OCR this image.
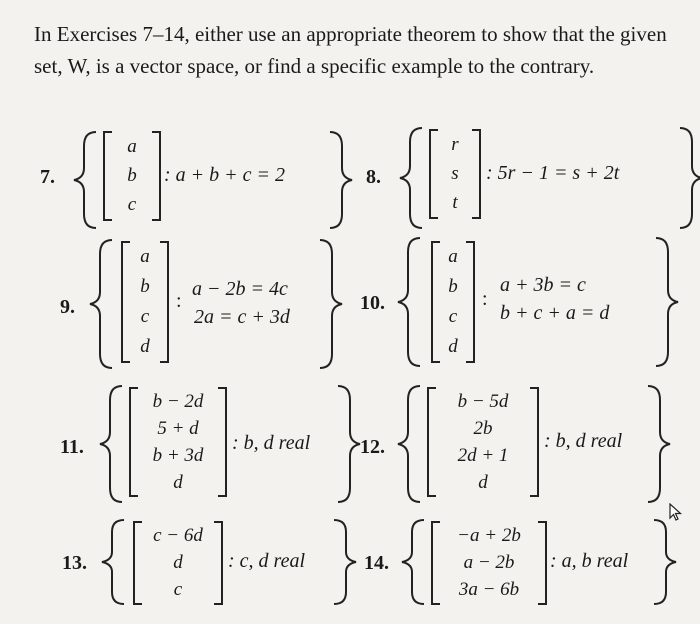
In Exercises 7–14, either use an appropriate theorem to show that the given set, W, is a vector space, or find a specific example to the contrary.
7.
a
b
c
: a + b + c = 2	8.
r
s
t
: 5r − 1 = s + 2t
9.
a
b
c
d
:
a − 2b = 4c
2a = c + 3d
10.
a
b
c
d
:
a + 3b = c
b + c + a = d
11.
b − 2d
5 + d
b + 3d
d
: b, d real 12.
b − 5d
2b
2d + 1
d
: b, d real
13.
c − 6d
d
c
: c, d real	14.
−a + 2b
a − 2b
3a − 6b
: a, b real
